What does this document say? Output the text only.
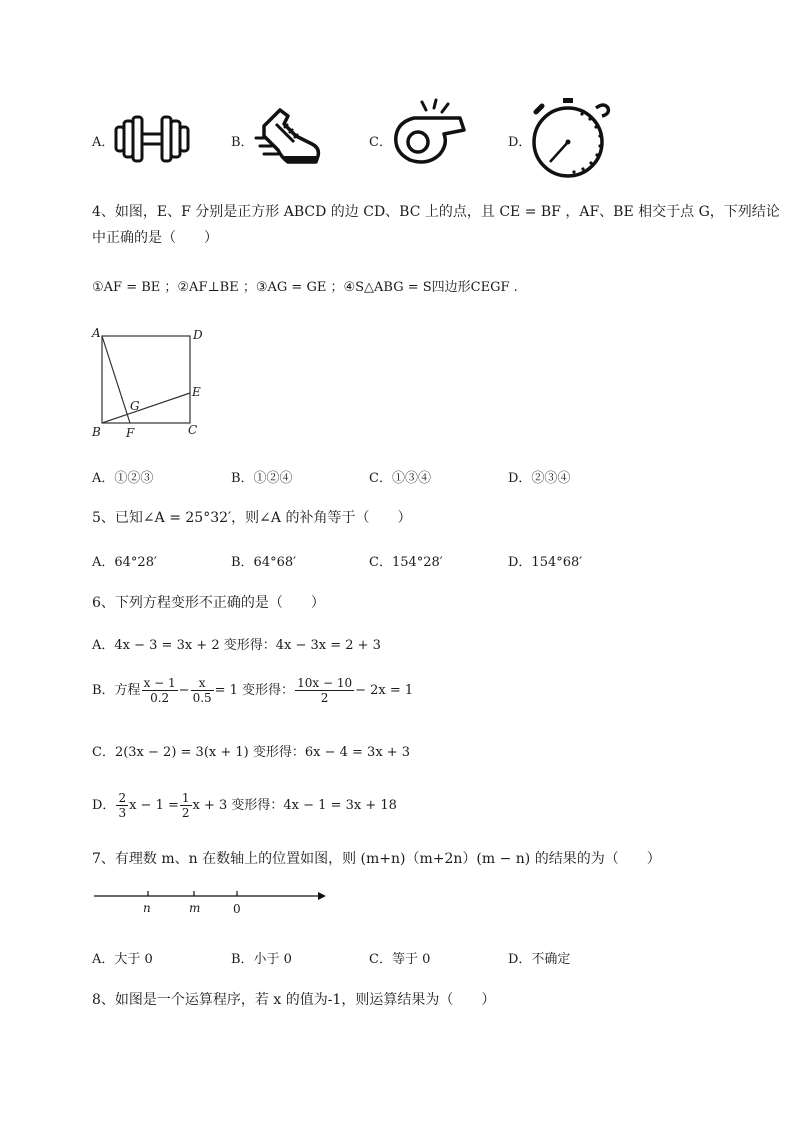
A．	B．	C．	D．
4、如图，E、F 分别是正方形 ABCD 的边 CD、BC 上的点，且 CE = BF ，AF、BE 相交于点 G，下列结论
中正确的是（　　）
①AF = BE ；②AF⊥BE ；③AG = GE ；④S△ABG = S四边形CEGF .
A	D
E
G
B F	C
A．①②③	B．①②④	C．①③④	D．②③④
5、已知∠A = 25°32′，则∠A 的补角等于（　　）
A．64°28′	B．64°68′	C．154°28′	D．154°68′
6、下列方程变形不正确的是（　　）
A．4x − 3 = 3x + 2 变形得：4x − 3x = 2 + 3
B．方程 $\frac{x - 1}{0.2} - \frac{x}{0.5} = 1$ 变形得： $\frac{10x - 10}{2} - 2x = 1$
C．2(3x − 2) = 3(x + 1) 变形得：6x − 4 = 3x + 3
D． $\frac{2}{3}$ $x - 1 = \frac{1}{2}$ x + 3 变形得：4x − 1 = 3x + 18
7、有理数 m、n 在数轴上的位置如图，则 (m+n)（m+2n）(m − n) 的结果的为（　　）
n	m	0
A．大于 0	B．小于 0	C．等于 0	D．不确定
8、如图是一个运算程序，若 x 的值为-1，则运算结果为（　　）
